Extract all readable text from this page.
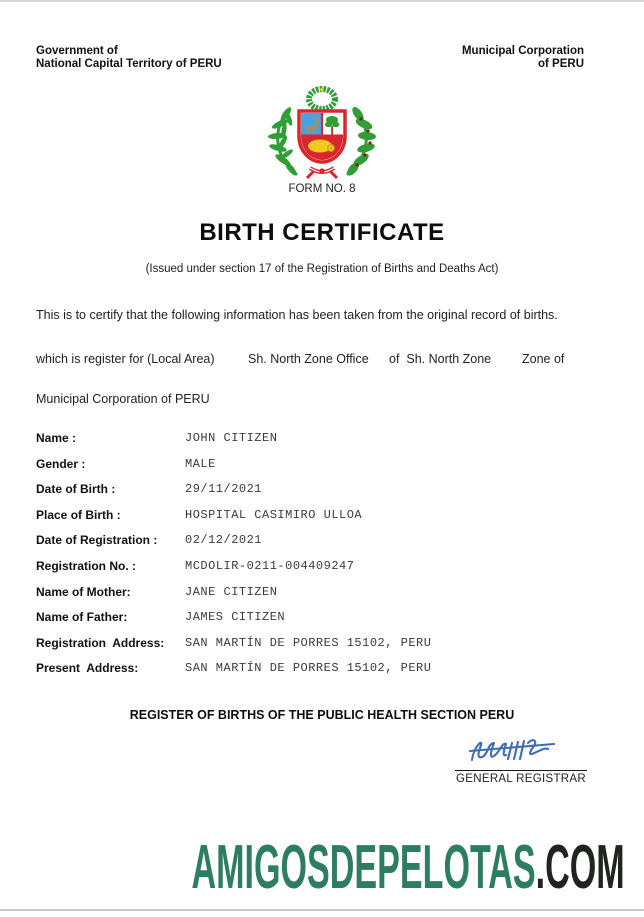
Government of
National Capital Territory of PERU
Municipal Corporation
of PERU
FORM NO. 8
BIRTH CERTIFICATE
(Issued under section 17 of the Registration of Births and Deaths Act)
This is to certify that the following information has been taken from the original record of births.
which is register for (Local Area)	Sh. North Zone Office of  Sh. North Zone Zone of
Municipal Corporation of PERU
Name :	JOHN CITIZEN
Gender :	MALE
Date of Birth :	29/11/2021
Place of Birth :	HOSPITAL CASIMIRO ULLOA
Date of Registration :	02/12/2021
Registration No. :	MCDOLIR-0211-004409247
Name of Mother:	JANE CITIZEN
Name of Father:	JAMES CITIZEN
Registration  Address:	SAN MARTÍN DE PORRES 15102, PERU
Present  Address:	SAN MARTÍN DE PORRES 15102, PERU
REGISTER OF BIRTHS OF THE PUBLIC HEALTH SECTION PERU
GENERAL REGISTRAR
AMIGOSDEPELOTAS.COM
